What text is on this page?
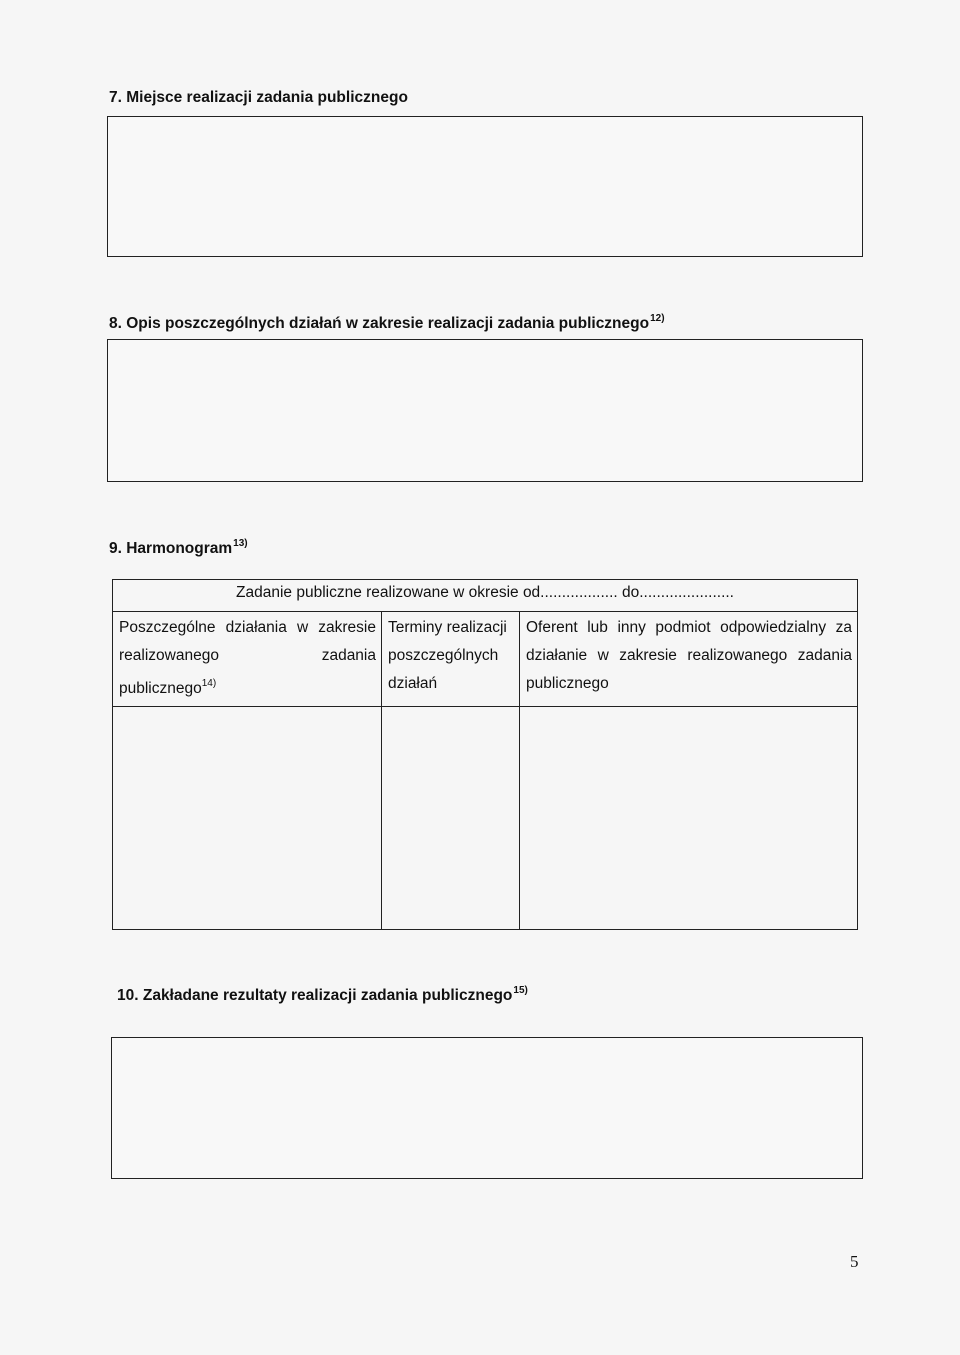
7. Miejsce realizacji zadania publicznego
8. Opis poszczególnych działań w zakresie realizacji zadania publicznego$^{12)}$
9. Harmonogram$^{13)}$
Zadanie publiczne realizowane w okresie od.................. do......................		
Poszczególne działania w zakresie realizowanego zadania publicznego$^{14)}$	Terminy realizacji poszczególnych działań	Oferent lub inny podmiot odpowiedzialny za działanie w zakresie realizowanego zadania publicznego

10. Zakładane rezultaty realizacji zadania publicznego$^{15)}$
5
